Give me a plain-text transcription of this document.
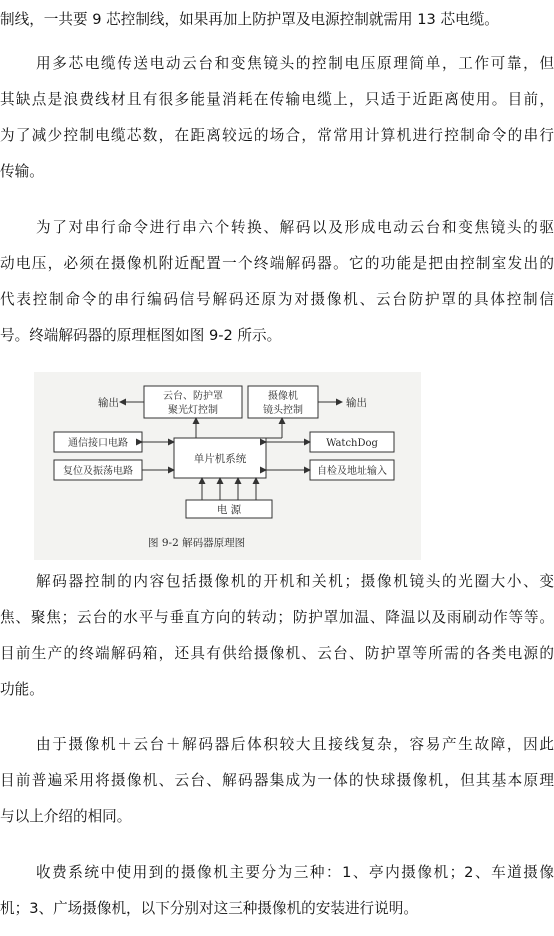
制线，一共要 9 芯控制线，如果再加上防护罩及电源控制就需用 13 芯电缆。
用多芯电缆传送电动云台和变焦镜头的控制电压原理简单，工作可靠，但
其缺点是浪费线材且有很多能量消耗在传输电缆上，只适于近距离使用。目前，
为了减少控制电缆芯数，在距离较远的场合，常常用计算机进行控制命令的串行
传输。
为了对串行命令进行串六个转换、解码以及形成电动云台和变焦镜头的驱
动电压，必须在摄像机附近配置一个终端解码器。它的功能是把由控制室发出的
代表控制命令的串行编码信号解码还原为对摄像机、云台防护罩的具体控制信
号。终端解码器的原理框图如图 9-2 所示。
输出	输出
云台、防护罩
聚光灯控制
摄像机
镜头控制
通信接口电路
复位及振荡电路
单片机系统
WatchDog
自检及地址输入
电 源
图 9-2 解码器原理图
解码器控制的内容包括摄像机的开机和关机；摄像机镜头的光圈大小、变
焦、聚焦；云台的水平与垂直方向的转动；防护罩加温、降温以及雨刷动作等等。
目前生产的终端解码箱，还具有供给摄像机、云台、防护罩等所需的各类电源的
功能。
由于摄像机＋云台＋解码器后体积较大且接线复杂，容易产生故障，因此
目前普遍采用将摄像机、云台、解码器集成为一体的快球摄像机，但其基本原理
与以上介绍的相同。
收费系统中使用到的摄像机主要分为三种：1、亭内摄像机；2、车道摄像
机；3、广场摄像机，以下分别对这三种摄像机的安装进行说明。
